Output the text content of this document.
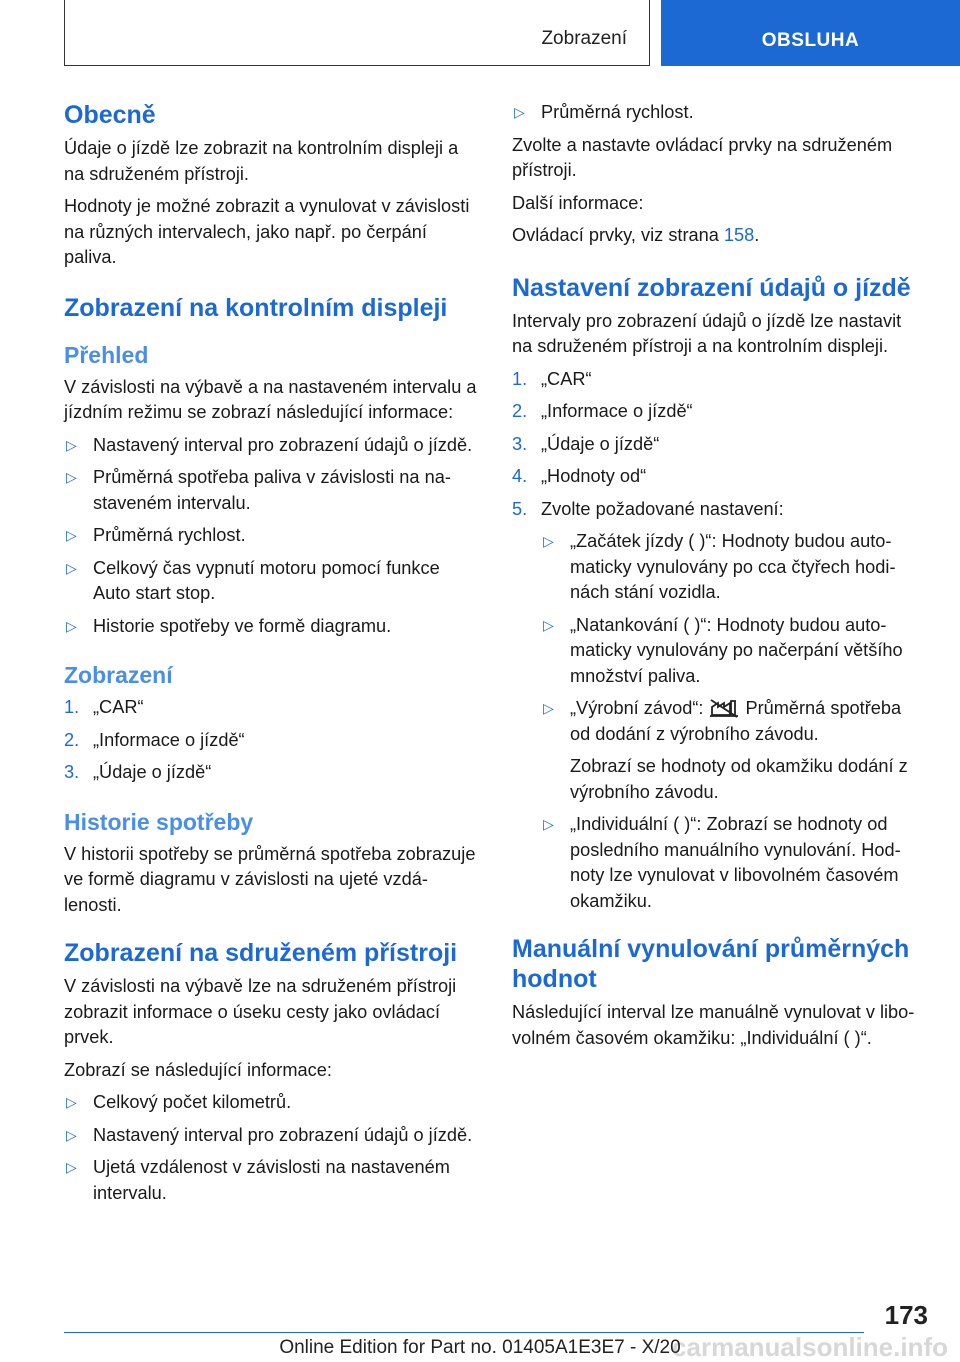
Zobrazení	OBSLUHA
Obecně

Údaje o jízdě lze zobrazit na kontrolním displeji a na sdruženém přístroji.

Hodnoty je možné zobrazit a vynulovat v závislosti na různých intervalech, jako např. po čerpání paliva.

Zobrazení na kontrolním displeji
Přehled

V závislosti na výbavě a na nastaveném intervalu a jízdním režimu se zobrazí následující informace:

▷ Nastavený interval pro zobrazení údajů o jízdě.
▷ Průměrná spotřeba paliva v závislosti na nastaveném intervalu.
▷ Průměrná rychlost.
▷ Celkový čas vypnutí motoru pomocí funkce Auto start stop.
▷ Historie spotřeby ve formě diagramu.
Zobrazení
1. „CAR“
2. „Informace o jízdě“
3. „Údaje o jízdě“
Historie spotřeby

V historii spotřeby se průměrná spotřeba zobrazuje ve formě diagramu v závislosti na ujeté vzdálenosti.

Zobrazení na sdruženém přístroji

V závislosti na výbavě lze na sdruženém přístroji zobrazit informace o úseku cesty jako ovládací prvek.

Zobrazí se následující informace:

▷ Celkový počet kilometrů.
▷ Nastavený interval pro zobrazení údajů o jízdě.
▷ Ujetá vzdálenost v závislosti na nastaveném intervalu.
▷ Průměrná rychlost.

Zvolte a nastavte ovládací prvky na sdruženém přístroji.

Další informace:

Ovládací prvky, viz strana 158.

Nastavení zobrazení údajů o jízdě

Intervaly pro zobrazení údajů o jízdě lze nastavit na sdruženém přístroji a na kontrolním displeji.

1. „CAR“
2. „Informace o jízdě“
3. „Údaje o jízdě“
4. „Hodnoty od“
5. Zvolte požadované nastavení:
▷ „Začátek jízdy ( )“: Hodnoty budou automaticky vynulovány po cca čtyřech hodinách stání vozidla.
▷ „Natankování ( )“: Hodnoty budou automaticky vynulovány po načerpání většího množství paliva.
▷ „Výrobní závod“: Průměrná spotřeba od dodání z výrobního závodu.
Zobrazí se hodnoty od okamžiku dodání z výrobního závodu.
▷ „Individuální ( )“: Zobrazí se hodnoty od posledního manuálního vynulování. Hodnoty lze vynulovat v libovolném časovém okamžiku.
Manuální vynulování průměrných hodnot

Následující interval lze manuálně vynulovat v libovolném časovém okamžiku: „Individuální ( )“.

173
carmanualsonline.info
Online Edition for Part no. 01405A1E3E7 - X/20
